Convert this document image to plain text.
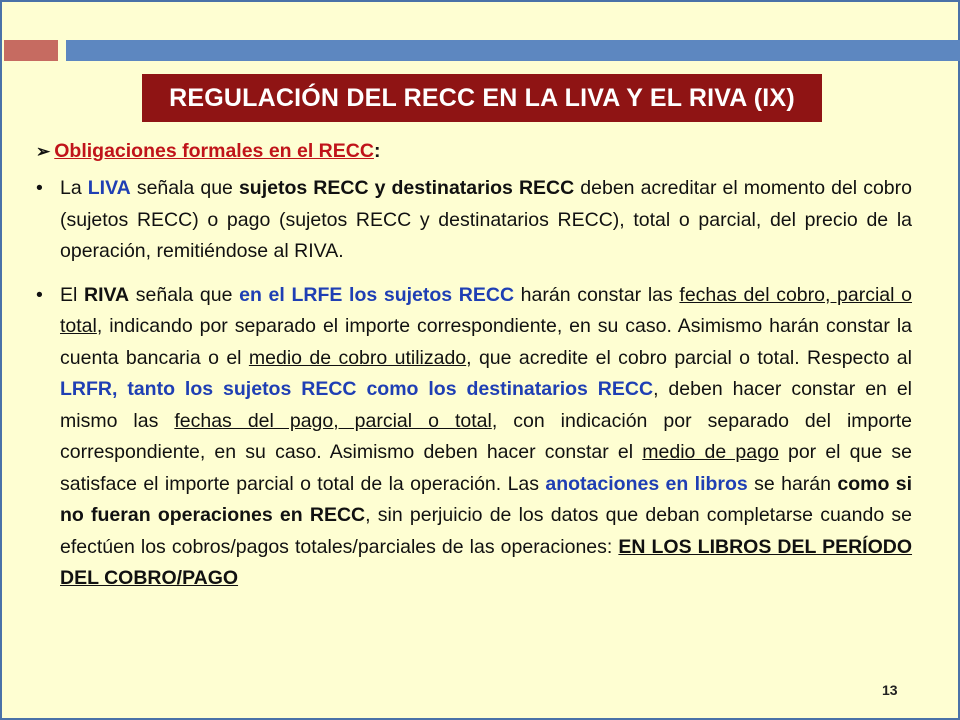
REGULACIÓN DEL RECC EN LA LIVA Y EL RIVA (IX)
➢ Obligaciones formales en el RECC :
• La LIVA señala que sujetos RECC y destinatarios RECC deben acreditar el momento del cobro (sujetos RECC) o pago (sujetos RECC y destinatarios RECC), total o parcial, del precio de la operación, remitiéndose al RIVA.
• El RIVA señala que en el LRFE los sujetos RECC harán constar las fechas del cobro, parcial o total, indicando por separado el importe correspondiente, en su caso. Asimismo harán constar la cuenta bancaria o el medio de cobro utilizado, que acredite el cobro parcial o total. Respecto al LRFR, tanto los sujetos RECC como los destinatarios RECC, deben hacer constar en el mismo las fechas del pago, parcial o total, con indicación por separado del importe correspondiente, en su caso. Asimismo deben hacer constar el medio de pago por el que se satisface el importe parcial o total de la operación. Las anotaciones en libros se harán como si no fueran operaciones en RECC, sin perjuicio de los datos que deban completarse cuando se efectúen los cobros/pagos totales/parciales de las operaciones: EN LOS LIBROS DEL PERÍODO DEL COBRO/PAGO
13
